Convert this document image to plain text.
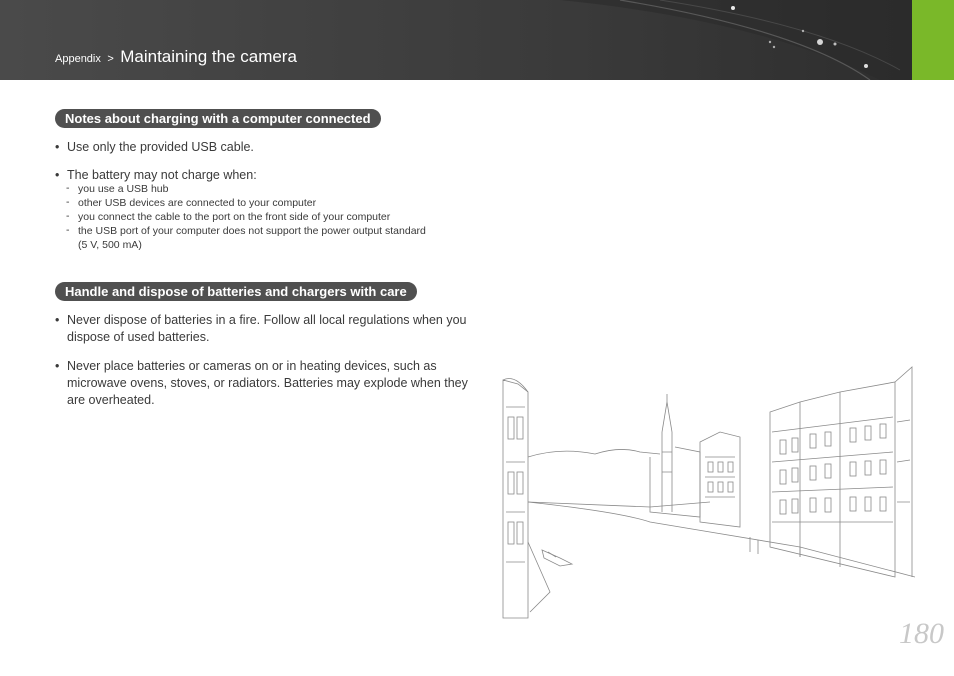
Appendix > Maintaining the camera
Notes about charging with a computer connected
• Use only the provided USB cable.
• The battery may not charge when:
- you use a USB hub
- other USB devices are connected to your computer
- you connect the cable to the port on the front side of your computer
- the USB port of your computer does not support the power output standard
(5 V, 500 mA)
Handle and dispose of batteries and chargers with care
• Never dispose of batteries in a fire. Follow all local regulations when you
dispose of used batteries.
• Never place batteries or cameras on or in heating devices, such as
microwave ovens, stoves, or radiators. Batteries may explode when they
are overheated.
180
